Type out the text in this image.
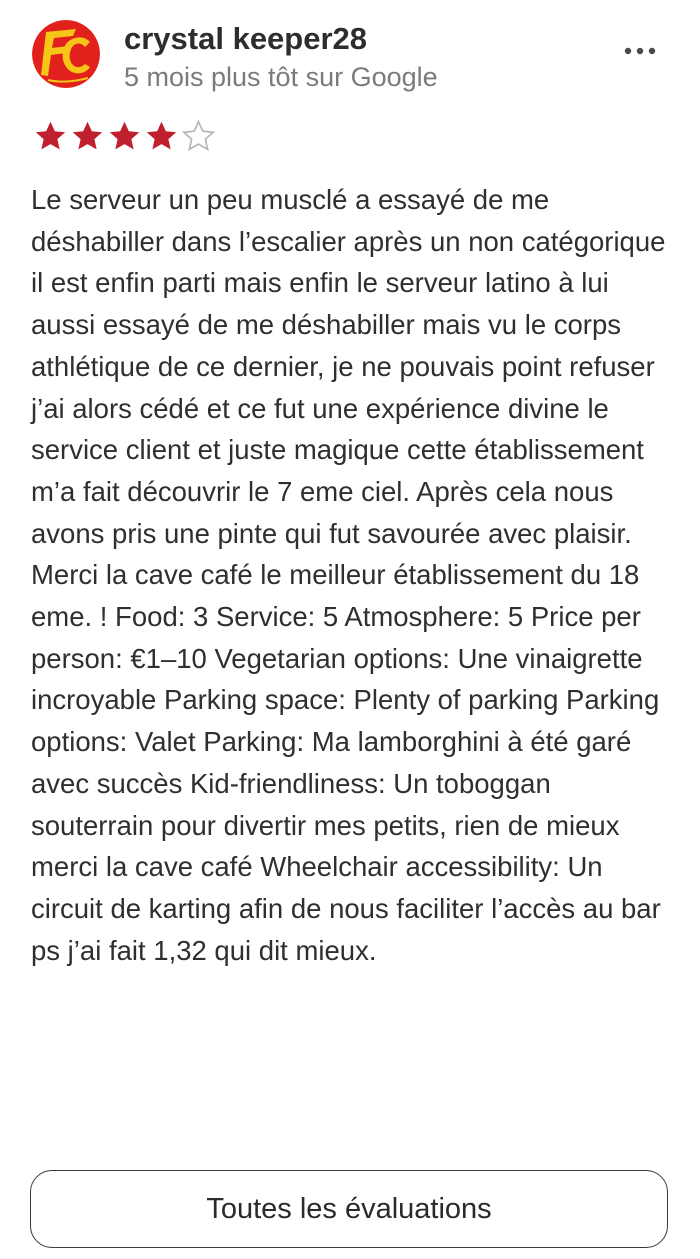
crystal keeper28
5 mois plus tôt sur Google
Le serveur un peu musclé a essayé de me déshabiller dans l’escalier après un non catégorique il est enfin parti mais enfin le serveur latino à lui aussi essayé de me déshabiller mais vu le corps athlétique de ce dernier, je ne pouvais point refuser j’ai alors cédé et ce fut une expérience divine le service client et juste magique cette établissement m’a fait découvrir le 7 eme ciel. Après cela nous avons pris une pinte qui fut savourée avec plaisir. Merci la cave café le meilleur établissement du 18 eme. ! Food: 3 Service: 5 Atmosphere: 5 Price per person: €1–10 Vegetarian options: Une vinaigrette incroyable Parking space: Plenty of parking Parking options: Valet Parking: Ma lamborghini à été garé avec succès Kid-friendliness: Un toboggan souterrain pour divertir mes petits, rien de mieux merci la cave café Wheelchair accessibility: Un circuit de karting afin de nous faciliter l’accès au bar ps j’ai fait 1,32 qui dit mieux.
Toutes les évaluations
